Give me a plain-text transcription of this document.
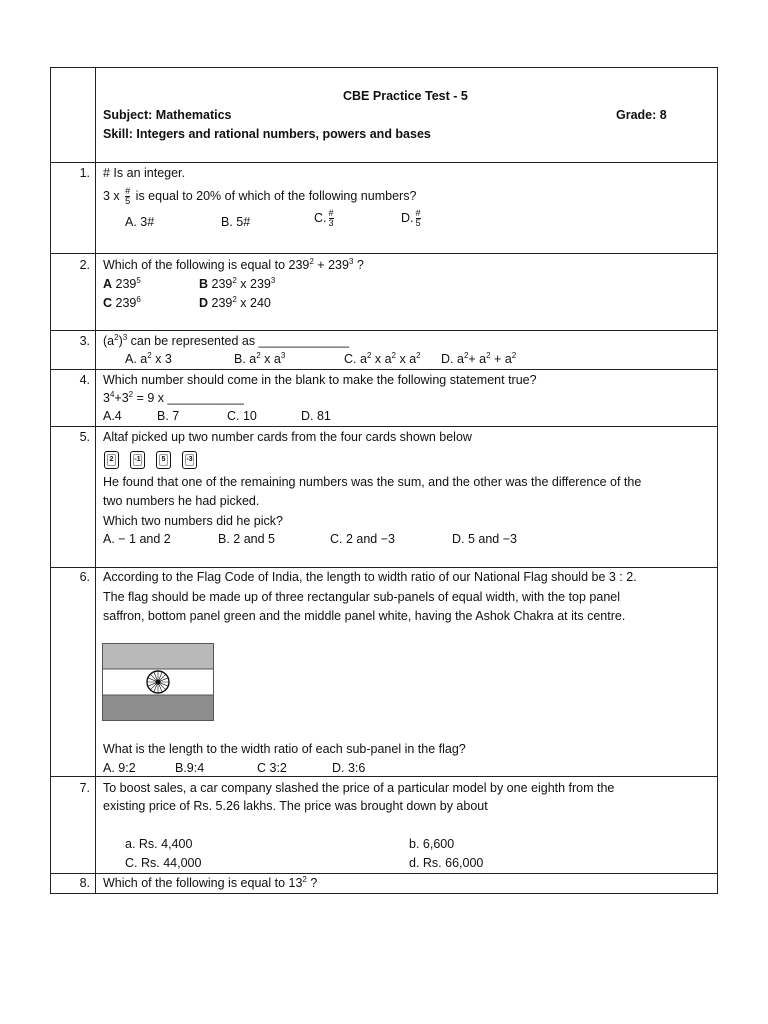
CBE Practice Test - 5
Subject: Mathematics	Grade: 8
Skill: Integers and rational numbers, powers and bases
1. # Is an integer.
3 x $\frac{\#}{5}$ is equal to 20% of which of the following numbers?
A. 3#	B. 5#	C. $\frac{\#}{3}$	D. $\frac{\#}{5}$
2. Which of the following is equal to $239^2 + 239^3$ ?
A $239^5$	B $239^2$ x $239^3$
C $239^6$	D $239^2$ x 240
3. $(a^2)^3$ can be represented as _____________
A. $a^2$ x 3	B. $a^2$ x $a^3$	C. $a^2$ x $a^2$ x $a^2$ D. $a^2+ a^2 + a^2$
4. Which number should come in the blank to make the following statement true?
$3^4+3^2 = 9$ x ___________
A.4	B. 7	C. 10	D. 81
5. Altaf picked up two number cards from the four cards shown below
2	-1	5	-3
He found that one of the remaining numbers was the sum, and the other was the difference of the
two numbers he had picked.
Which two numbers did he pick?
A. − 1 and 2	B. 2 and 5	C. 2 and −3	D. 5 and −3
6. According to the Flag Code of India, the length to width ratio of our National Flag should be 3 : 2.
The flag should be made up of three rectangular sub-panels of equal width, with the top panel
saffron, bottom panel green and the middle panel white, having the Ashok Chakra at its centre.
What is the length to the width ratio of each sub-panel in the flag?
A. 9:2	B.9:4	C 3:2	D. 3:6
7. To boost sales, a car company slashed the price of a particular model by one eighth from the
existing price of Rs. 5.26 lakhs. The price was brought down by about
a. Rs. 4,400	b. 6,600
C. Rs. 44,000	d. Rs. 66,000
8. Which of the following is equal to $13^2$ ?
